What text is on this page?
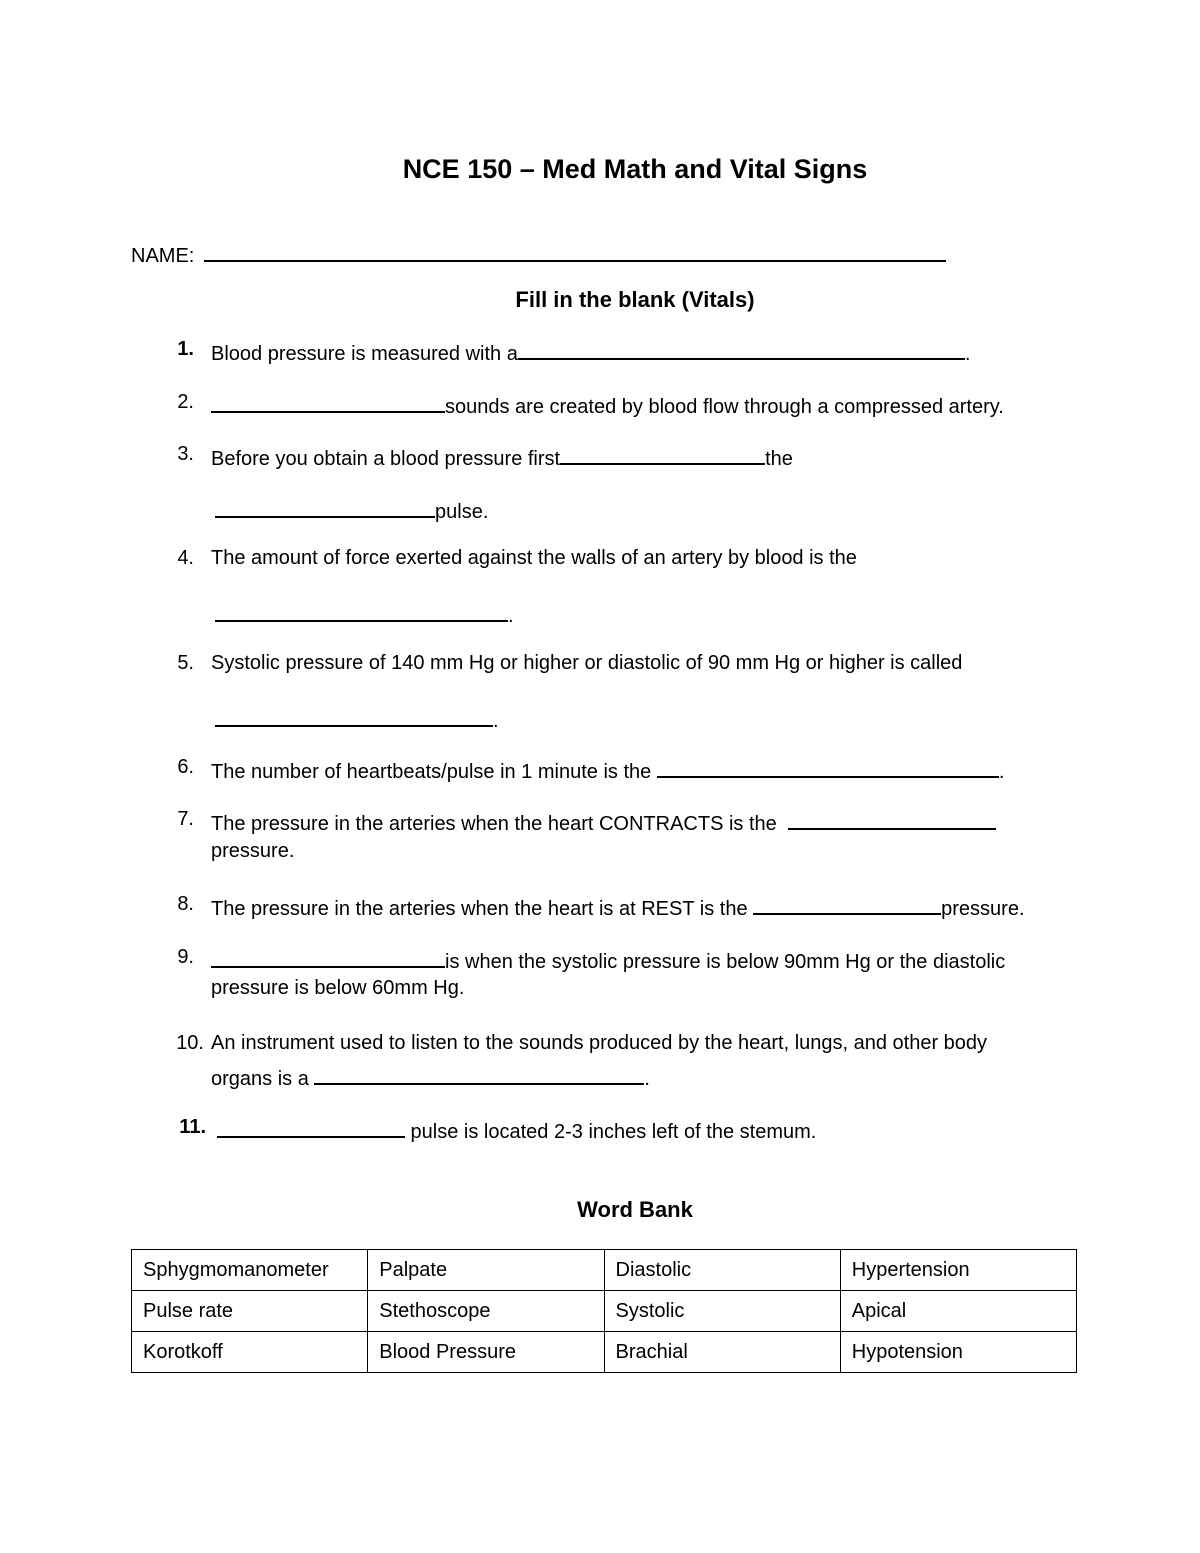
NCE 150 – Med Math and Vital Signs
NAME:
Fill in the blank (Vitals)
1. Blood pressure is measured with a	.
2.	sounds are created by blood flow through a compressed artery.
3. Before you obtain a blood pressure first	the
pulse.
4. The amount of force exerted against the walls of an artery by blood is the
.
5. Systolic pressure of 140 mm Hg or higher or diastolic of 90 mm Hg or higher is called
.
6. The number of heartbeats/pulse in 1 minute is the	.
7. The pressure in the arteries when the heart CONTRACTS is the
pressure.
8. The pressure in the arteries when the heart is at REST is the	pressure.
9.	is when the systolic pressure is below 90mm Hg or the diastolic
pressure is below 60mm Hg.
10. An instrument used to listen to the sounds produced by the heart, lungs, and other body
organs is a	.
11.	pulse is located 2-3 inches left of the stemum.
Word Bank
Sphygmomanometer	Palpate	Diastolic	Hypertension
Pulse rate	Stethoscope	Systolic	Apical
Korotkoff	Blood Pressure	Brachial	Hypotension
